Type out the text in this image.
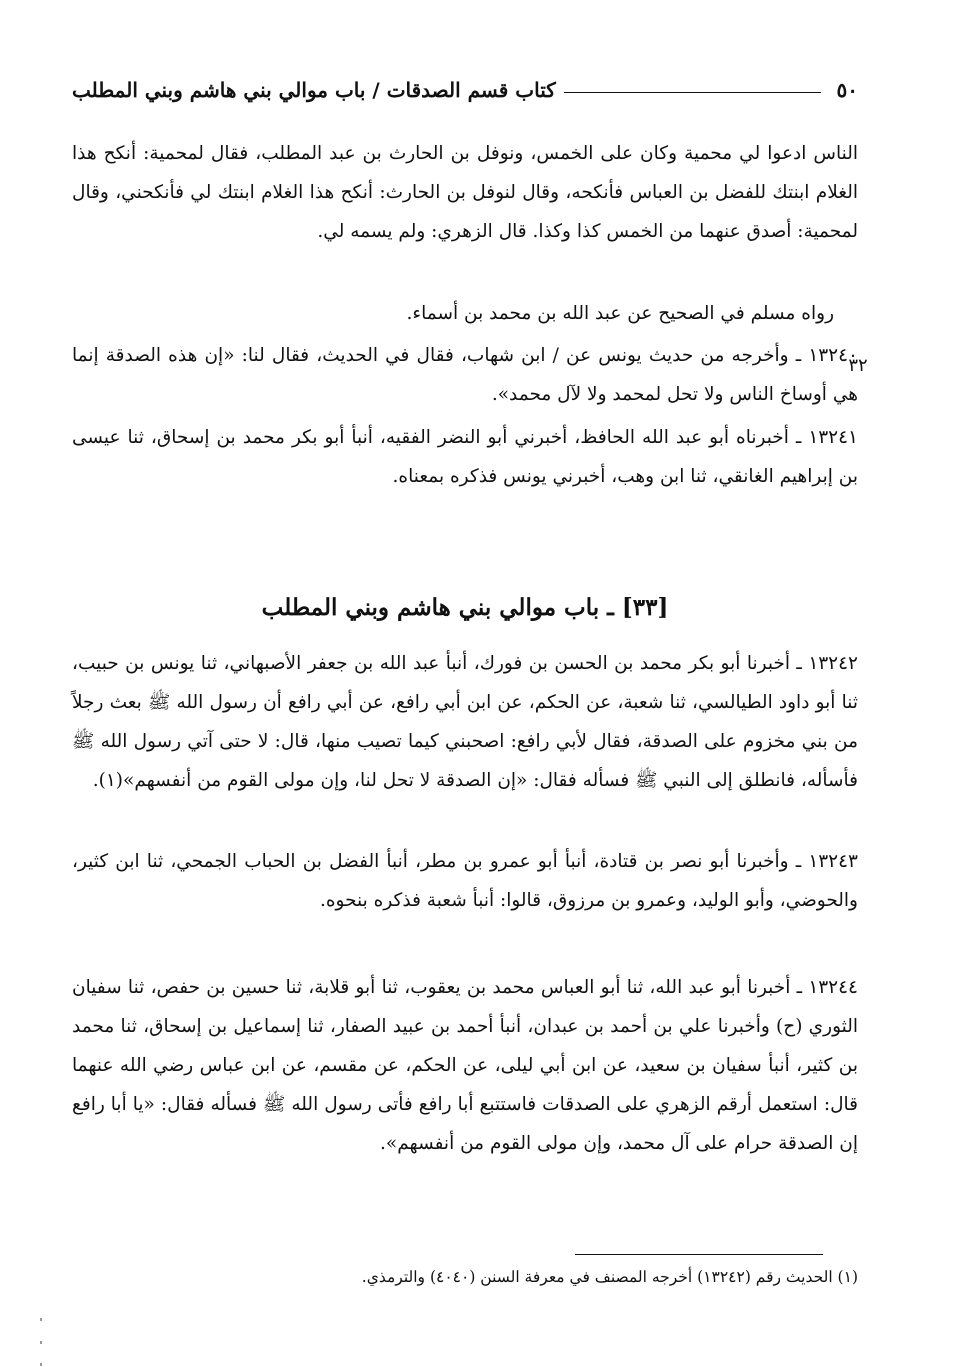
٥٠
كتاب قسم الصدقات / باب موالي بني هاشم وبني المطلب
٣٢
الناس ادعوا لي محمية وكان على الخمس، ونوفل بن الحارث بن عبد المطلب، فقال لمحمية: أنكح هذا الغلام ابنتك للفضل بن العباس فأنكحه، وقال لنوفل بن الحارث: أنكح هذا الغلام ابنتك لي فأنكحني، وقال لمحمية: أصدق عنهما من الخمس كذا وكذا. قال الزهري: ولم يسمه لي.
رواه مسلم في الصحيح عن عبد الله بن محمد بن أسماء.
١٣٢٤٠ ـ وأخرجه من حديث يونس عن / ابن شهاب، فقال في الحديث، فقال لنا: «إن هذه الصدقة إنما هي أوساخ الناس ولا تحل لمحمد ولا لآل محمد».
١٣٢٤١ ـ أخبرناه أبو عبد الله الحافظ، أخبرني أبو النضر الفقيه، أنبأ أبو بكر محمد بن إسحاق، ثنا عيسى بن إبراهيم الغانقي، ثنا ابن وهب، أخبرني يونس فذكره بمعناه.
[٣٣] ـ باب موالي بني هاشم وبني المطلب
١٣٢٤٢ ـ أخبرنا أبو بكر محمد بن الحسن بن فورك، أنبأ عبد الله بن جعفر الأصبهاني، ثنا يونس بن حبيب، ثنا أبو داود الطيالسي، ثنا شعبة، عن الحكم، عن ابن أبي رافع، عن أبي رافع أن رسول الله ﷺ بعث رجلاً من بني مخزوم على الصدقة، فقال لأبي رافع: اصحبني كيما تصيب منها، قال: لا حتى آتي رسول الله ﷺ فأسأله، فانطلق إلى النبي ﷺ فسأله فقال: «إن الصدقة لا تحل لنا، وإن مولى القوم من أنفسهم»(١).
١٣٢٤٣ ـ وأخبرنا أبو نصر بن قتادة، أنبأ أبو عمرو بن مطر، أنبأ الفضل بن الحباب الجمحي، ثنا ابن كثير، والحوضي، وأبو الوليد، وعمرو بن مرزوق، قالوا: أنبأ شعبة فذكره بنحوه.
١٣٢٤٤ ـ أخبرنا أبو عبد الله، ثنا أبو العباس محمد بن يعقوب، ثنا أبو قلابة، ثنا حسين بن حفص، ثنا سفيان الثوري (ح) وأخبرنا علي بن أحمد بن عبدان، أنبأ أحمد بن عبيد الصفار، ثنا إسماعيل بن إسحاق، ثنا محمد بن كثير، أنبأ سفيان بن سعيد، عن ابن أبي ليلى، عن الحكم، عن مقسم، عن ابن عباس رضي الله عنهما قال: استعمل أرقم الزهري على الصدقات فاستتبع أبا رافع فأتى رسول الله ﷺ فسأله فقال: «يا أبا رافع إن الصدقة حرام على آل محمد، وإن مولى القوم من أنفسهم».
(١) الحديث رقم (١٣٢٤٢) أخرجه المصنف في معرفة السنن (٤٠٤٠) والترمذي.
